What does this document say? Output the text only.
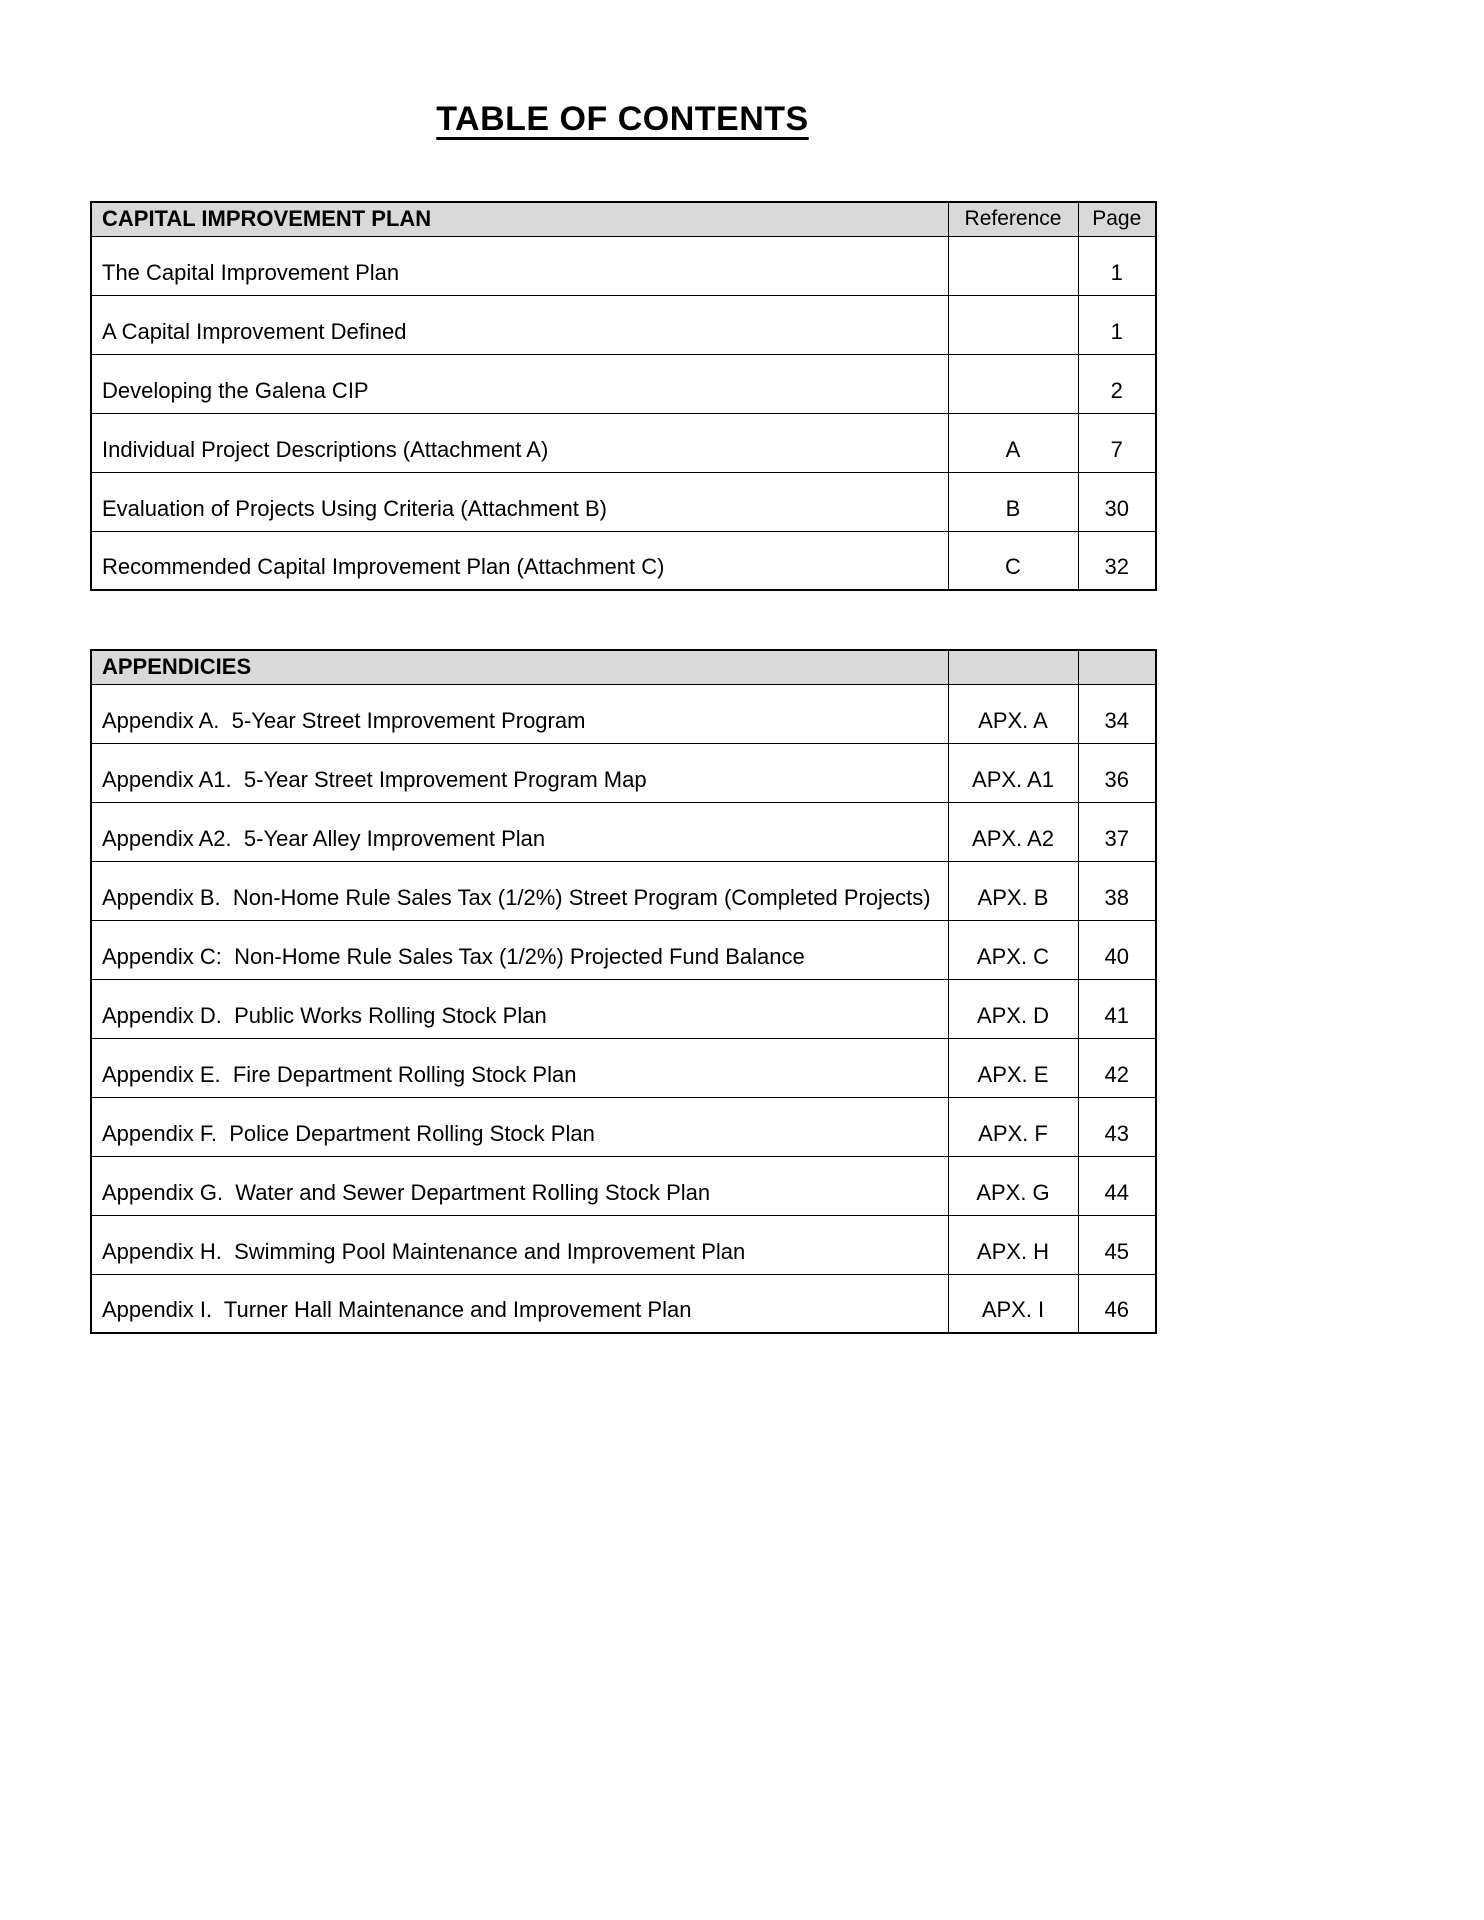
TABLE OF CONTENTS
CAPITAL IMPROVEMENT PLAN	Reference	Page
The Capital Improvement Plan		1
A Capital Improvement Defined		1
Developing the Galena CIP		2
Individual Project Descriptions (Attachment A)	A	7
Evaluation of Projects Using Criteria (Attachment B)	B	30
Recommended Capital Improvement Plan (Attachment C)	C	32
APPENDICIES		
Appendix A.  5-Year Street Improvement Program	APX. A	34
Appendix A1.  5-Year Street Improvement Program Map	APX. A1	36
Appendix A2.  5-Year Alley Improvement Plan	APX. A2	37
Appendix B.  Non-Home Rule Sales Tax (1/2%) Street Program (Completed Projects)	APX. B	38
Appendix C:  Non-Home Rule Sales Tax (1/2%) Projected Fund Balance	APX. C	40
Appendix D.  Public Works Rolling Stock Plan	APX. D	41
Appendix E.  Fire Department Rolling Stock Plan	APX. E	42
Appendix F.  Police Department Rolling Stock Plan	APX. F	43
Appendix G.  Water and Sewer Department Rolling Stock Plan	APX. G	44
Appendix H.  Swimming Pool Maintenance and Improvement Plan	APX. H	45
Appendix I.  Turner Hall Maintenance and Improvement Plan	APX. I	46
